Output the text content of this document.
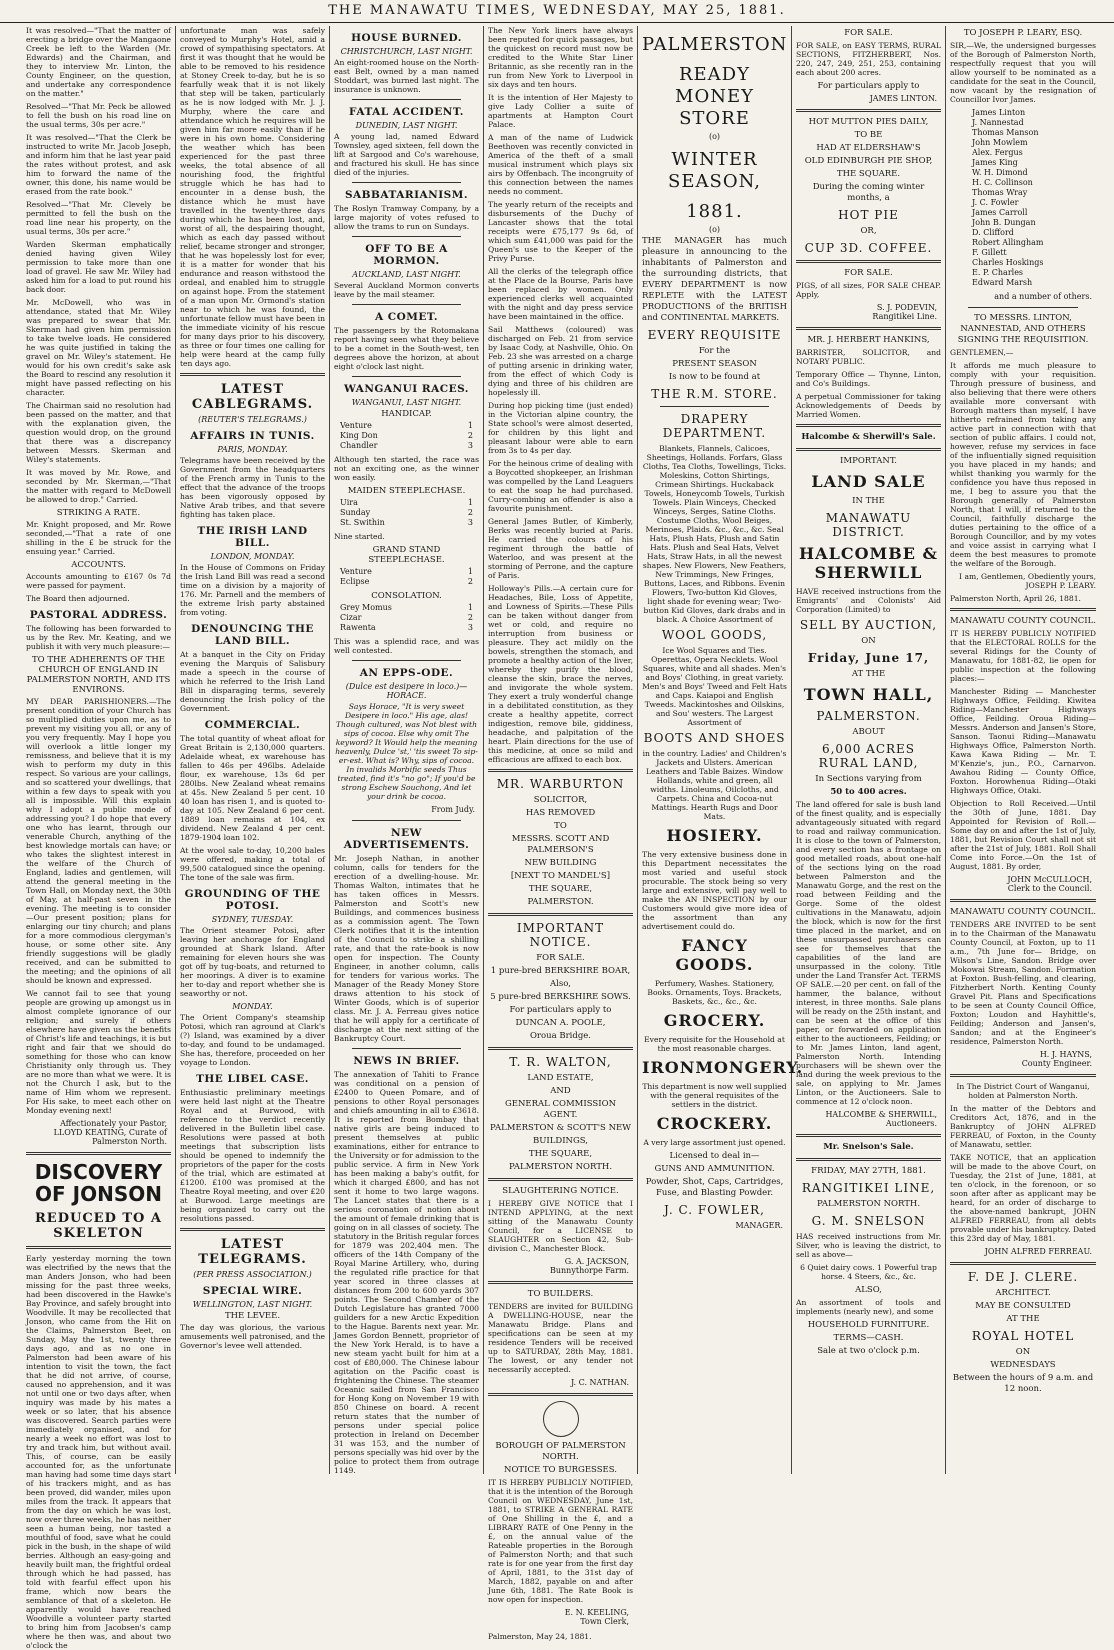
THE MANAWATU TIMES, WEDNESDAY, MAY 25, 1881.

It was resolved—"That the matter of erecting a bridge over the Mangaone Creek be left to the Warden (Mr. Edwards) and the Chairman, and they to interview Mr. Linton, the County Engineer, on the question, and undertake any correspondence on the matter."

Resolved—"That Mr. Peck be allowed to fell the bush on his road line on the usual terms, 30s per acre."

It was resolved—"That the Clerk be instructed to write Mr. Jacob Joseph, and inform him that he last year paid the rates without protest, and ask him to forward the name of the owner, this done, his name would be erased from the rate book."

Resolved—"That Mr. Clevely be permitted to fell the bush on the road line near his property, on the usual terms, 30s per acre."

Warden Skerman emphatically denied having given Wiley permission to take more than one load of gravel. He saw Mr. Wiley had asked him for a load to put round his back door.

Mr. McDowell, who was in attendance, stated that Mr. Wiley was prepared to swear that Mr. Skerman had given him permission to take twelve loads. He considered he was quite justified in taking the gravel on Mr. Wiley's statement. He would for his own credit's sake ask the Board to rescind any resolution it might have passed reflecting on his character.

The Chairman said no resolution had been passed on the matter, and that with the explanation given, the question would drop, on the ground that there was a discrepancy between Messrs. Skerman and Wiley's statements.

It was moved by Mr. Rowe, and seconded by Mr. Skerman,—"That the matter with regard to McDowell be allowed to drop." Carried.

STRIKING A RATE.

Mr. Knight proposed, and Mr. Rowe seconded,—"That a rate of one shilling in the £ be struck for the ensuing year." Carried.

ACCOUNTS.

Accounts amounting to £167 0s 7d were passed for payment.

The Board then adjourned.

PASTORAL ADDRESS.

The following has been forwarded to us by the Rev. Mr. Keating, and we publish it with very much pleasure:—

TO THE ADHERENTS OF THE CHURCH OF ENGLAND IN PALMERSTON NORTH, AND ITS ENVIRONS.

MY DEAR PARISHIONERS.—The present condition of your Church has so multiplied duties upon me, as to prevent my visiting you all, or any of you very frequently. May I hope you will overlook a little longer my remissness, and believe that it is my wish to perform my duty in this respect. So various are your callings, and so scattered your dwellings, that within a few days to speak with you all is impossible. Will this explain why I adopt a public mode of addressing you? I do hope that every one who has learnt, through our venerable Church, anything of the best knowledge mortals can have; or who takes the slightest interest in the welfare of the Church of England, ladies and gentlemen, will attend the general meeting in the Town Hall, on Monday next, the 30th of May, at half-past seven in the evening. The meeting is to consider—Our present position; plans for enlarging our tiny church; and plans for a more commodious clergyman's house, or some other site. Any friendly suggestions will be gladly received, and can be submitted to the meeting; and the opinions of all should be known and expressed.

We cannot fail to see that young people are growing up amongst us in almost complete ignorance of our religion; and surely if others elsewhere have given us the benefits of Christ's life and teachings, it is but right and fair that we should do something for those who can know Christianity only through us. They are no more than what we were. It is not the Church I ask, but to the name of Him whom we represent. For His sake, to meet each other on Monday evening next!

Affectionately your Pastor, LLOYD KEATING, Curate of Palmerston North.
DISCOVERY OF JONSON
REDUCED TO A SKELETON

Early yesterday morning the town was electrified by the news that the man Anders Jonson, who had been missing for the past three weeks, had been discovered in the Hawke's Bay Province, and safely brought into Woodville. It may be recollected that Jonson, who came from the Hit on the Claims, Palmerston Beet, on Sunday, May the 1st, twenty three days ago, and as no one in Palmerston had been aware of his intention to visit the town, the fact that he did not arrive, of course, caused no apprehension, and it was not until one or two days after, when inquiry was made by his mates a week or so later, that his absence was discovered. Search parties were immediately organised, and for nearly a week no effort was lost to try and track him, but without avail. This, of course, can be easily accounted for, as the unfortunate man having had some time days start of his trackers might, and as has been proved, did wander, miles upon miles from the track. It appears that from the day on which he was lost, now over three weeks, he has neither seen a human being, nor tasted a mouthful of food, save what he could pick in the bush, in the shape of wild berries. Although an easy-going and heavily built man, the frightful ordeal through which he had passed, has told with fearful effect upon his frame, which now bears the semblance of that of a skeleton. He apparently would have reached Woodville a volunteer party started to bring him from Jacobsen's camp where he then was, and about two o'clock the

unfortunate man was safely conveyed to Murphy's Hotel, amid a crowd of sympathising spectators. At first it was thought that he would be able to be removed to his residence at Stoney Creek to-day, but he is so fearfully weak that it is not likely that step will be taken, particularly as he is now lodged with Mr. J. J. Murphy, where the care and attendance which he requires will be given him far more easily than if he were in his own home. Considering the weather which has been experienced for the past three weeks, the total absence of all nourishing food, the frightful struggle which he has had to encounter in a dense bush, the distance which he must have travelled in the twenty-three days during which he has been lost, and, worst of all, the despairing thought, which as each day passed without relief, became stronger and stronger, that he was hopelessly lost for ever, it is a matter for wonder that his endurance and reason withstood the ordeal, and enabled him to struggle on against hope. From the statement of a man upon Mr. Ormond's station near to which he was found, the unfortunate fellow must have been in the immediate vicinity of his rescue for many days prior to his discovery, as three or four times one calling for help were heard at the camp fully ten days ago.

LATEST CABLEGRAMS.
(REUTER'S TELEGRAMS.)
AFFAIRS IN TUNIS.
PARIS, MONDAY.

Telegrams have been received by the Government from the headquarters of the French army in Tunis to the effect that the advance of the troops has been vigorously opposed by Native Arab tribes, and that severe fighting has taken place.

THE IRISH LAND BILL.
LONDON, MONDAY.

In the House of Commons on Friday the Irish Land Bill was read a second time on a division by a majority of 176. Mr. Parnell and the members of the extreme Irish party abstained from voting.

DENOUNCING THE LAND BILL.

At a banquet in the City on Friday evening the Marquis of Salisbury made a speech in the course of which he referred to the Irish Land Bill in disparaging terms, severely denouncing the Irish policy of the Government.

COMMERCIAL.

The total quantity of wheat afloat for Great Britain is 2,130,000 quarters. Adelaide wheat, ex warehouse has fallen to 46s per 496lbs. Adelaide flour, ex warehouse, 13s 6d per 280lbs. New Zealand wheat remains at 45s. New Zealand 5 per cent. 10 40 loan has risen 1, and is quoted to-day at 105. New Zealand 6 per cent. 1889 loan remains at 104, ex dividend. New Zealand 4 per cent. 1879-1904 loan 102.

At the wool sale to-day, 10,200 bales were offered, making a total of 99,500 catalogued since the opening. The tone of the sale was firm.

GROUNDING OF THE POTOSI.
SYDNEY, TUESDAY.

The Orient steamer Potosi, after leaving her anchorage for England grounded at Shark Island. After remaining for eleven hours she was got off by tug-boats, and returned to her moorings. A diver is to examine her to-day and report whether she is seaworthy or not.

MONDAY.

The Orient Company's steamship Potosi, which ran aground at Clark's (?) Island, was examined by a diver to-day, and found to be undamaged. She has, therefore, proceeded on her voyage to London.

THE LIBEL CASE.

Enthusiastic preliminary meetings were held last night at the Theatre Royal and at Burwood, with reference to the verdict recently delivered in the Bulletin libel case. Resolutions were passed at both meetings that subscription lists should be opened to indemnify the proprietors of the paper for the costs of the trial, which are estimated at £1200. £100 was promised at the Theatre Royal meeting, and over £20 at Burwood. Large meetings are being organized to carry out the resolutions passed.

LATEST TELEGRAMS.
(PER PRESS ASSOCIATION.)
SPECIAL WIRE.
WELLINGTON, LAST NIGHT.
THE LEVEE.

The day was glorious, the various amusements well patronised, and the Governor's levee well attended.

HOUSE BURNED.
CHRISTCHURCH, LAST NIGHT.

An eight-roomed house on the North-east Belt, owned by a man named Stoddart, was burned last night. The insurance is unknown.

FATAL ACCIDENT.
DUNEDIN, LAST NIGHT.

A young lad, named Edward Townsley, aged sixteen, fell down the lift at Sargood and Co's warehouse, and fractured his skull. He has since died of the injuries.

SABBATARIANISM.

The Roslyn Tramway Company, by a large majority of votes refused to allow the trams to run on Sundays.

OFF TO BE A MORMON.
AUCKLAND, LAST NIGHT.

Several Auckland Mormon converts leave by the mail steamer.

A COMET.

The passengers by the Rotomakana report having seen what they believe to be a comet in the South-west, ten degrees above the horizon, at about eight o'clock last night.

WANGANUI RACES.
WANGANUI, LAST NIGHT.
HANDICAP.
Venture	1
King Don	2
Chandler	3

Although ten started, the race was not an exciting one, as the winner won easily.

MAIDEN STEEPLECHASE.
Uira	1
Sunday	2
St. Swithin	3

Nine started.

GRAND STAND STEEPLECHASE.
Venture	1
Eclipse	2
CONSOLATION.
Grey Momus	1
Cizar	2
Rawenta	3

This was a splendid race, and was well contested.

AN EPPS-ODE.
(Dulce est desipere in loco.)—HORACE.

Says Horace, "It is very sweet Desipere in loco." His age, alas! Though cultured, was Not blest with sips of cocoa. Else why omit The keyword? It Would help the meaning heavenly, Dulce 'st,' 'tis sweet To sip-er-est. What is? Why, sips of cocoa. In invalids Morbific seeds Thus treated, find it's "no go"; If you'd be strong Eschew Souchong, And let your drink be cocoa.

From Judy.
NEW ADVERTISEMENTS.

Mr. Joseph Nathan, in another column, calls for tenders for the erection of a dwelling-house. Mr. Thomas Walton, intimates that he has taken offices in Messrs. Palmerston and Scott's new Buildings, and commences business as a commission agent. The Town Clerk notifies that it is the intention of the Council to strike a shilling rate, and that the rate-book is now open for inspection. The County Engineer, in another column, calls for tenders for various works. The Manager of the Ready Money Store draws attention to his stock of Winter Goods, which is of superior class. Mr. J. A. Ferreau gives notice that he will apply for a certificate of discharge at the next sitting of the Bankruptcy Court.

NEWS IN BRIEF.

The annexation of Tahiti to France was conditional on a pension of £2400 to Queen Pomare, and of pensions to other Royal personages and chiefs amounting in all to £3618. It is reported from Bombay that native girls are being induced to present themselves at public examinations, either for entrance to the University or for admission to the public service. A firm in New York has been making a baby's outfit, for which it charged £800, and has not sent it home to two large wagons. The Lancet states that there is a serious coronation of notion about the amount of female drinking that is going on in all classes of society. The statutory in the British regular forces for 1879 was 202,404 men. The officers of the 14th Company of the Royal Marine Artillery, who, during the regulated rifle practice for that year scored in three classes at distances from 200 to 600 yards 307 points. The Second Chamber of the Dutch Legislature has granted 7000 guilders for a new Arctic Expedition to the Hague. Barents next year. Mr. James Gordon Bennett, proprietor of the New York Herald, is to have a new steam yacht built for him at a cost of £80,000. The Chinese labour agitation on the Pacific coast is frightening the Chinese. The steamer Oceanic sailed from San Francisco for Hong Kong on November 19 with 850 Chinese on board. A recent return states that the number of persons under special police protection in Ireland on December 31 was 153, and the number of persons specially was hid over by the police to protect them from outrage 1149.

The New York liners have always been reputed for quick passages, but the quickest on record must now be credited to the White Star Liner Britannic, as she recently ran in the run from New York to Liverpool in six days and ten hours.

It is the intention of Her Majesty to give Lady Collier a suite of apartments at Hampton Court Palace.

A man of the name of Ludwick Beethoven was recently convicted in America of the theft of a small musical instrument which plays six airs by Offenbach. The incongruity of this connection between the names needs no comment.

The yearly return of the receipts and disbursements of the Duchy of Lancaster shows that the total receipts were £75,177 9s 6d, of which sum £41,000 was paid for the Queen's use to the Keeper of the Privy Purse.

All the clerks of the telegraph office at the Place de la Bourse, Paris have been replaced by women. Only experienced clerks well acquainted with the night and day press service have been maintained in the office.

Sail Matthews (coloured) was discharged on Feb. 21 from service by Isaac Cody, at Nashville, Ohio. On Feb. 23 she was arrested on a charge of putting arsenic in drinking water, from the effect of which Cody is dying and three of his children are hopelessly ill.

During hop picking time (just ended) in the Victorian alpine country, the State school's were almost deserted, for children by this light and pleasant labour were able to earn from 3s to 4s per day.

For the heinous crime of dealing with a Boycotted shopkeeper, an Irishman was compelled by the Land Leaguers to eat the soap he had purchased. Curry-combing an offender is also a favourite punishment.

General James Butler, of Kimberly, Berks was recently buried at Paris. He carried the colours of his regiment through the battle of Waterloo, and was present at the storming of Perrone, and the capture of Paris.

Holloway's Pills.—A certain cure for Headaches, Bile, Loss of Appetite, and Lowness of Spirits.—These Pills can be taken without danger from wet or cold, and require no interruption from business or pleasure. They act mildly on the bowels, strengthen the stomach, and promote a healthy action of the liver, whereby they purify the blood, cleanse the skin, brace the nerves, and invigorate the whole system. They exert a truly wonderful change in a debilitated constitution, as they create a healthy appetite, correct indigestion, remove bile, giddiness, headache, and palpitation of the heart. Plain directions for the use of this medicine, at once so mild and efficacious are affixed to each box.

MR. WARBURTON
SOLICITOR,
HAS REMOVED
TO
MESSRS. SCOTT AND PALMERSON'S
NEW BUILDING
[NEXT TO MANDEL'S]
THE SQUARE,
PALMERSTON.
IMPORTANT NOTICE.
FOR SALE.
1 pure-bred BERKSHIRE BOAR,
Also,
5 pure-bred BERKSHIRE SOWS.
For particulars apply to
DUNCAN A. POOLE,
Oroua Bridge.
T. R. WALTON,
LAND ESTATE,
AND
GENERAL COMMISSION AGENT.
PALMERSTON & SCOTT'S NEW
BUILDINGS,
THE SQUARE,
PALMERSTON NORTH.
SLAUGHTERING NOTICE.

I HEREBY GIVE NOTICE that I INTEND APPLYING, at the next sitting of the Manawatu County Council, for a LICENSE to SLAUGHTER on Section 42, Sub-division C., Manchester Block.

G. A. JACKSON,
Bunnythorpe Farm.
TO BUILDERS.

TENDERS are invited for BUILDING A DWELLING-HOUSE, near the Manawatu Bridge. Plans and specifications can be seen at my residence Tenders will be received up to SATURDAY, 28th May, 1881. The lowest, or any tender not necessarily accepted.

J. C. NATHAN.
BOROUGH OF PALMERSTON NORTH.
NOTICE TO BURGESSES.

IT IS HEREBY PUBLICLY NOTIFIED, that it is the intention of the Borough Council on WEDNESDAY, June 1st, 1881, to STRIKE A GENERAL RATE of One Shilling in the £, and a LIBRARY RATE of One Penny in the £, on the annual value of the Rateable properties in the Borough of Palmerston North; and that such rate is for one year from the first day of April, 1881, to the 31st day of March, 1882, payable on and after June 6th, 1881. The Rate Book is now open for inspection.

E. N. KEELING,
Town Clerk,

Palmerston, May 24, 1881.

PALMERSTON
READY MONEY STORE
(o)
WINTER SEASON,
1881.
(o)

THE MANAGER has much pleasure in announcing to the inhabitants of Palmerston and the surrounding districts, that EVERY DEPARTMENT is now REPLETE with the LATEST PRODUCTIONS of the BRITISH and CONTINENTAL MARKETS.

EVERY REQUISITE
For the
PRESENT SEASON
Is now to be found at
THE R.M. STORE.
DRAPERY DEPARTMENT.

Blankets, Flannels, Calicoes, Sheetings, Hollands. Forfars, Glass Cloths, Tea Cloths, Towellings, Ticks. Moleskins, Cotton Shirtings, Crimean Shirtings. Huckaback Towels, Honeycomb Towels, Turkish Towels. Plain Winceys, Checked Winceys, Serges, Satine Cloths. Costume Cloths, Wool Beiges, Merinoes, Plaids. &c., &c., &c. Seal Hats, Plush Hats, Plush and Satin Hats. Plush and Seal Hats, Velvet Hats, Straw Hats, in all the newest shapes. New Flowers, New Feathers, New Trimmings, New Fringes, Buttons, Laces, and Ribbons. Evenin Flowers, Two-button Kid Gloves, light shade for evening wear; Two-button Kid Gloves, dark drabs and in black. A Choice Assortment of

WOOL GOODS,

Ice Wool Squares and Ties. Operettas, Opera Necklets. Wool Squares, white and all shades. Men's and Boys' Clothing, in great variety. Men's and Boys' Tweed and Felt Hats and Caps. Kaiapoi and English Tweeds. Mackintoshes and Oilskins, and Sou' westers. The Largest Assortment of

BOOTS AND SHOES

in the country. Ladies' and Children's Jackets and Ulsters. American Leathers and Table Baizes. Window Hollands, white and green, all widths. Linoleums, Oilcloths, and Carpets. China and Cocoa-nut Mattings. Hearth Rugs and Door Mats.

HOSIERY.

The very extensive business done in this Department necessitates the most varied and useful stock procurable. The stock being so very large and extensive, will pay well to make the AN INSPECTION by our Customers would give more idea of the assortment than any advertisement could do.

FANCY GOODS.

Perfumery, Washes. Stationery, Books. Ornaments, Toys. Brackets, Baskets, &c., &c., &c.

GROCERY.

Every requisite for the Household at the most reasonable charges.

IRONMONGERY.

This department is now well supplied with the general requisites of the settlers in the district.

CROCKERY.

A very large assortment just opened.

Licensed to deal in—
GUNS AND AMMUNITION.
Powder, Shot, Caps, Cartridges, Fuse, and Blasting Powder.
J. C. FOWLER,
MANAGER.
FOR SALE.

FOR SALE, on EASY TERMS, RURAL SECTIONS, FITZHERBERT, Nos. 220, 247, 249, 251, 253, containing each about 200 acres.

For particulars apply to
JAMES LINTON.
HOT MUTTON PIES DAILY,
TO BE
HAD AT ELDERSHAW'S
OLD EDINBURGH PIE SHOP,
THE SQUARE.
During the coming winter months, a
HOT PIE
OR,
CUP 3D. COFFEE.
FOR SALE.

PIGS, of all sizes, FOR SALE CHEAP. Apply,

S. J. PODEVIN,
Rangitikei Line.
MR. J. HERBERT HANKINS,

BARRISTER, SOLICITOR, and NOTARY PUBLIC.

Temporary Office — Thynne, Linton, and Co's Buildings.

A perpetual Commissioner for taking Acknowledgements of Deeds by Married Women.

Halcombe & Sherwill's Sale.
IMPORTANT.
LAND SALE
IN THE
MANAWATU DISTRICT.
HALCOMBE & SHERWILL

HAVE received instructions from the Emigrants' and Colonists' Aid Corporation (Limited) to

SELL BY AUCTION,
ON
Friday, June 17,
AT THE
TOWN HALL,
PALMERSTON.
ABOUT
6,000 ACRES RURAL LAND,
In Sections varying from
50 to 400 acres.

The land offered for sale is bush land of the finest quality, and is especially advantageously situated with regard to road and railway communication. It is close to the town of Palmerston, and every section has a frontage on good metalled roads, about one-half of the sections lying on the road between Palmerston and the Manawatu Gorge, and the rest on the road between Feilding and the Gorge. Some of the oldest cultivations in the Manawatu, adjoin the block, which is now for the first time placed in the market, and on these unsurpassed purchasers can see for themselves that the capabilities of the land are unsurpassed in the colony. Title under the Land Transfer Act. TERMS OF SALE.—20 per cent. on fall of the hammer, the balance, without interest, in three months. Sale plans will be ready on the 25th instant, and can be seen at the office of this paper, or forwarded on application either to the auctioneers, Feilding; or to Mr. James Linton, land agent, Palmerston North. Intending purchasers will be shewn over the land during the week previous to the sale, on applying to Mr. James Linton, or the Auctioneers. Sale to commence at 12 o'clock noon.

HALCOMBE & SHERWILL,
Auctioneers.
Mr. Snelson's Sale.
FRIDAY, MAY 27TH, 1881.
RANGITIKEI LINE,
PALMERSTON NORTH.
G. M. SNELSON

HAS received instructions from Mr. Silver, who is leaving the district, to sell as above—

6 Quiet dairy cows. 1 Powerful trap horse. 4 Steers, &c., &c.

ALSO,

An assortment of tools and implements (nearly new), and some

HOUSEHOLD FURNITURE.
TERMS—CASH.
Sale at two o'clock p.m.
TO JOSEPH P. LEARY, ESQ.

SIR,—We, the undersigned burgesses of the Borough of Palmerston North, respectfully request that you will allow yourself to be nominated as a candidate for the seat in the Council, now vacant by the resignation of Councillor Ivor James.

James Linton
J. Nannestad
Thomas Manson
John Mowlem
Alex. Fergus
James King
W. H. Dimond
H. C. Collinson
Thomas Wray
J. C. Fowler
James Carroll
John B. Dungan
D. Clifford
Robert Allingham
F. Gillett
Charles Hoskings
E. P. Charles
Edward Marsh
and a number of others.
TO MESSRS. LINTON, NANNESTAD, AND OTHERS SIGNING THE REQUISITION.

GENTLEMEN,—

It affords me much pleasure to comply with your requisition. Through pressure of business, and also believing that there were others available more conversant with Borough matters than myself, I have hitherto refrained from taking any active part in connection with that section of public affairs. I could not, however, refuse my services in face of the influentially signed requisition you have placed in my hands; and whilst thanking you warmly for the confidence you have thus reposed in me, I beg to assure you that the Borough generally of Palmerston North, that I will, if returned to the Council, faithfully discharge the duties pertaining to the office of a Borough Councillor, and by my votes and voice assist in carrying what I deem the best measures to promote the welfare of the Borough.

I am, Gentlemen, Obediently yours, JOSEPH P. LEARY.

Palmerston North, April 26, 1881.

MANAWATU COUNTY COUNCIL.

IT IS HEREBY PUBLICLY NOTIFIED that the ELECTORAL ROLLS for the several Ridings for the County of Manawatu, for 1881-82, lie open for public inspection at the following places:—

Manchester Riding — Manchester Highways Office, Feilding. Kiwitea Riding—Manchester Highways Office, Feilding. Oroua Riding—Messrs. Anderson and Jansen's Store, Sanson. Taonui Riding—Manawatu Highways Office, Palmerston North. Kawa Kawa Riding — Mr. T. M'Kenzie's, jun., P.O., Carnarvon. Awahou Riding — County Office, Foxton. Horowhenua Riding—Otaki Highways Office, Otaki.

Objection to Roll Received.—Until the 30th of June, 1881. Day Appointed for Revision of Roll.—Some day on and after the 1st of July, 1881, but Revision Court shall not sit after the 21st of July, 1881. Roll Shall Come into Force.—On the 1st of August, 1881. By order,

JOHN McCULLOCH,
Clerk to the Council.
MANAWATU COUNTY COUNCIL.

TENDERS ARE INVITED to be sent in to the Chairman of the Manawatu County Council, at Foxton, up to 11 a.m., 7th June for— Bridge, on Wilson's Line, Sandon. Bridge over Mokowai Stream, Sandon. Formation at Foxton. Bush-felling, and clearing, Fitzherbert North. Kenting County Gravel Pit. Plans and Specifications to be seen at County Council Office, Foxton; Loudon and Hayhittle's, Feilding; Anderson and Jansen's, Sandon; and at the Engineer's residence, Palmerston North.

H. J. HAYNS,
County Engineer.

In The District Court of Wanganui, holden at Palmerston North.

In the matter of the Debtors and Creditors Act, 1876, and in the Bankruptcy of JOHN ALFRED FERREAU, of Foxton, in the County of Manawatu, settler.

TAKE NOTICE, that an application will be made to the above Court, on Tuesday, the 21st of June, 1881, at ten o'clock, in the forenoon, or so soon after after as applicant may be heard, for an order of discharge to the above-named bankrupt, JOHN ALFRED FERREAU, from all debts provable under his bankruptcy. Dated this 23rd day of May, 1881.

JOHN ALFRED FERREAU.
F. DE J. CLERE.
ARCHITECT.
MAY BE CONSULTED
AT THE
ROYAL HOTEL
ON
WEDNESDAYS
Between the hours of 9 a.m. and 12 noon.
